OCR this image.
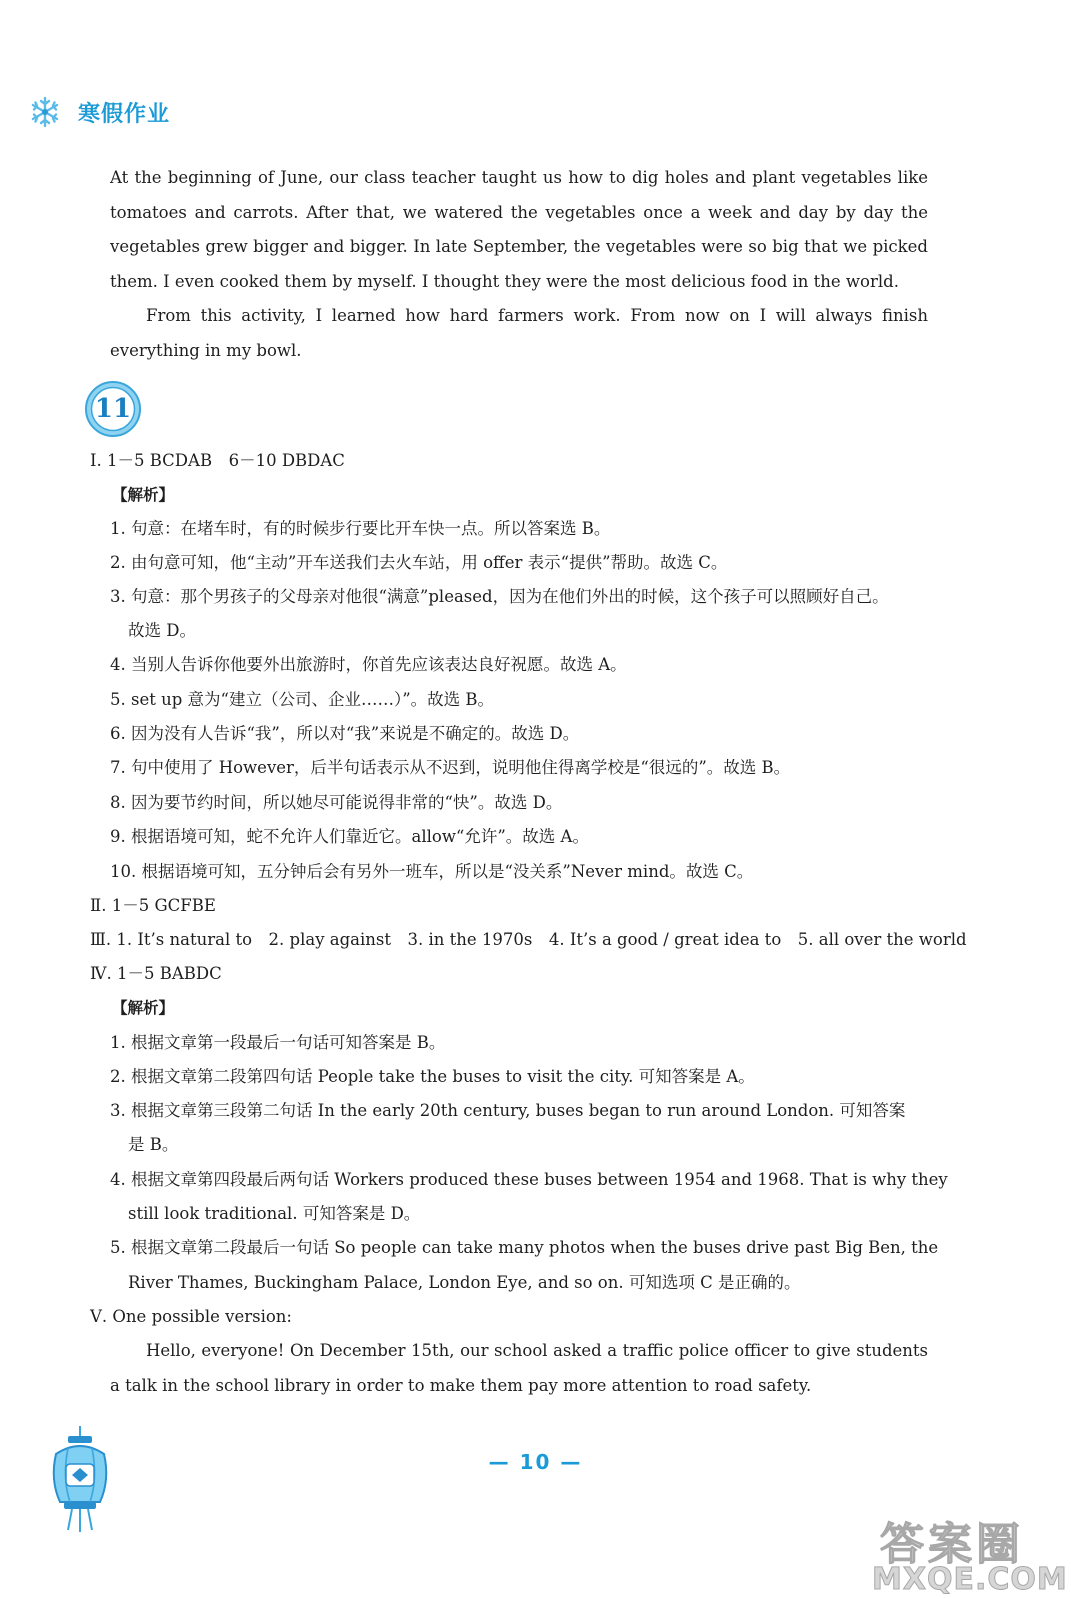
寒假作业
At the beginning of June, our class teacher taught us how to dig holes and plant vegetables like tomatoes and carrots. After that, we watered the vegetables once a week and day by day the vegetables grew bigger and bigger. In late September, the vegetables were so big that we picked them. I even cooked them by myself. I thought they were the most delicious food in the world.
From this activity, I learned how hard farmers work. From now on I will always finish everything in my bowl.
11
Ⅰ. 1－5 BCDAB　6－10 DBDAC
【解析】
1. 句意：在堵车时，有的时候步行要比开车快一点。所以答案选 B。
2. 由句意可知，他“主动”开车送我们去火车站，用 offer 表示“提供”帮助。故选 C。
3. 句意：那个男孩子的父母亲对他很“满意”pleased，因为在他们外出的时候，这个孩子可以照顾好自己。
故选 D。
4. 当别人告诉你他要外出旅游时，你首先应该表达良好祝愿。故选 A。
5. set up 意为“建立（公司、企业……）”。故选 B。
6. 因为没有人告诉“我”，所以对“我”来说是不确定的。故选 D。
7. 句中使用了 However，后半句话表示从不迟到，说明他住得离学校是“很远的”。故选 B。
8. 因为要节约时间，所以她尽可能说得非常的“快”。故选 D。
9. 根据语境可知，蛇不允许人们靠近它。allow“允许”。故选 A。
10. 根据语境可知，五分钟后会有另外一班车，所以是“没关系”Never mind。故选 C。
Ⅱ. 1－5 GCFBE
Ⅲ. 1. It’s natural to　2. play against　3. in the 1970s　4. It’s a good / great idea to　5. all over the world
Ⅳ. 1－5 BABDC
【解析】
1. 根据文章第一段最后一句话可知答案是 B。
2. 根据文章第二段第四句话 People take the buses to visit the city. 可知答案是 A。
3. 根据文章第三段第二句话 In the early 20th century, buses began to run around London. 可知答案
是 B。
4. 根据文章第四段最后两句话 Workers produced these buses between 1954 and 1968. That is why they
still look traditional. 可知答案是 D。
5. 根据文章第二段最后一句话 So people can take many photos when the buses drive past Big Ben, the
River Thames, Buckingham Palace, London Eye, and so on. 可知选项 C 是正确的。
Ⅴ. One possible version:
Hello, everyone! On December 15th, our school asked a traffic police officer to give students a talk in the school library in order to make them pay more attention to road safety.
— 10 —
答案圈
MXQE.COM
